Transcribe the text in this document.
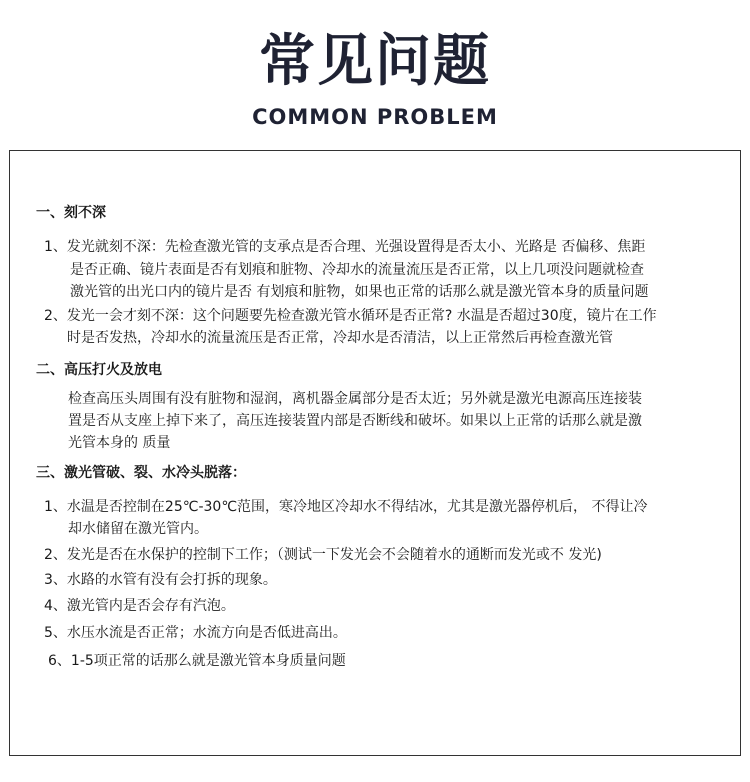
常见问题
COMMON PROBLEM
一、刻不深
1、发光就刻不深：先检查激光管的支承点是否合理、光强设置得是否太小、光路是 否偏移、焦距
是否正确、镜片表面是否有划痕和脏物、冷却水的流量流压是否正常，以上几项没问题就检查
激光管的出光口内的镜片是否 有划痕和脏物，如果也正常的话那么就是激光管本身的质量问题
2、发光一会才刻不深：这个问题要先检查激光管水循环是否正常? 水温是否超过30度，镜片在工作
时是否发热，冷却水的流量流压是否正常，冷却水是否清洁，以上正常然后再检查激光管
二、高压打火及放电
检查高压头周围有没有脏物和湿润，离机器金属部分是否太近；另外就是激光电源高压连接装
置是否从支座上掉下来了，高压连接装置内部是否断线和破坏。如果以上正常的话那么就是激
光管本身的 质量
三、激光管破、裂、水冷头脱落：
1、水温是否控制在25℃-30℃范围，寒冷地区冷却水不得结冰，尤其是激光器停机后， 不得让冷
却水储留在激光管内。
2、发光是否在水保护的控制下工作；（测试一下发光会不会随着水的通断而发光或不 发光)
3、水路的水管有没有会打拆的现象。
4、激光管内是否会存有汽泡。
5、水压水流是否正常；水流方向是否低进高出。
6、1-5项正常的话那么就是激光管本身质量问题
